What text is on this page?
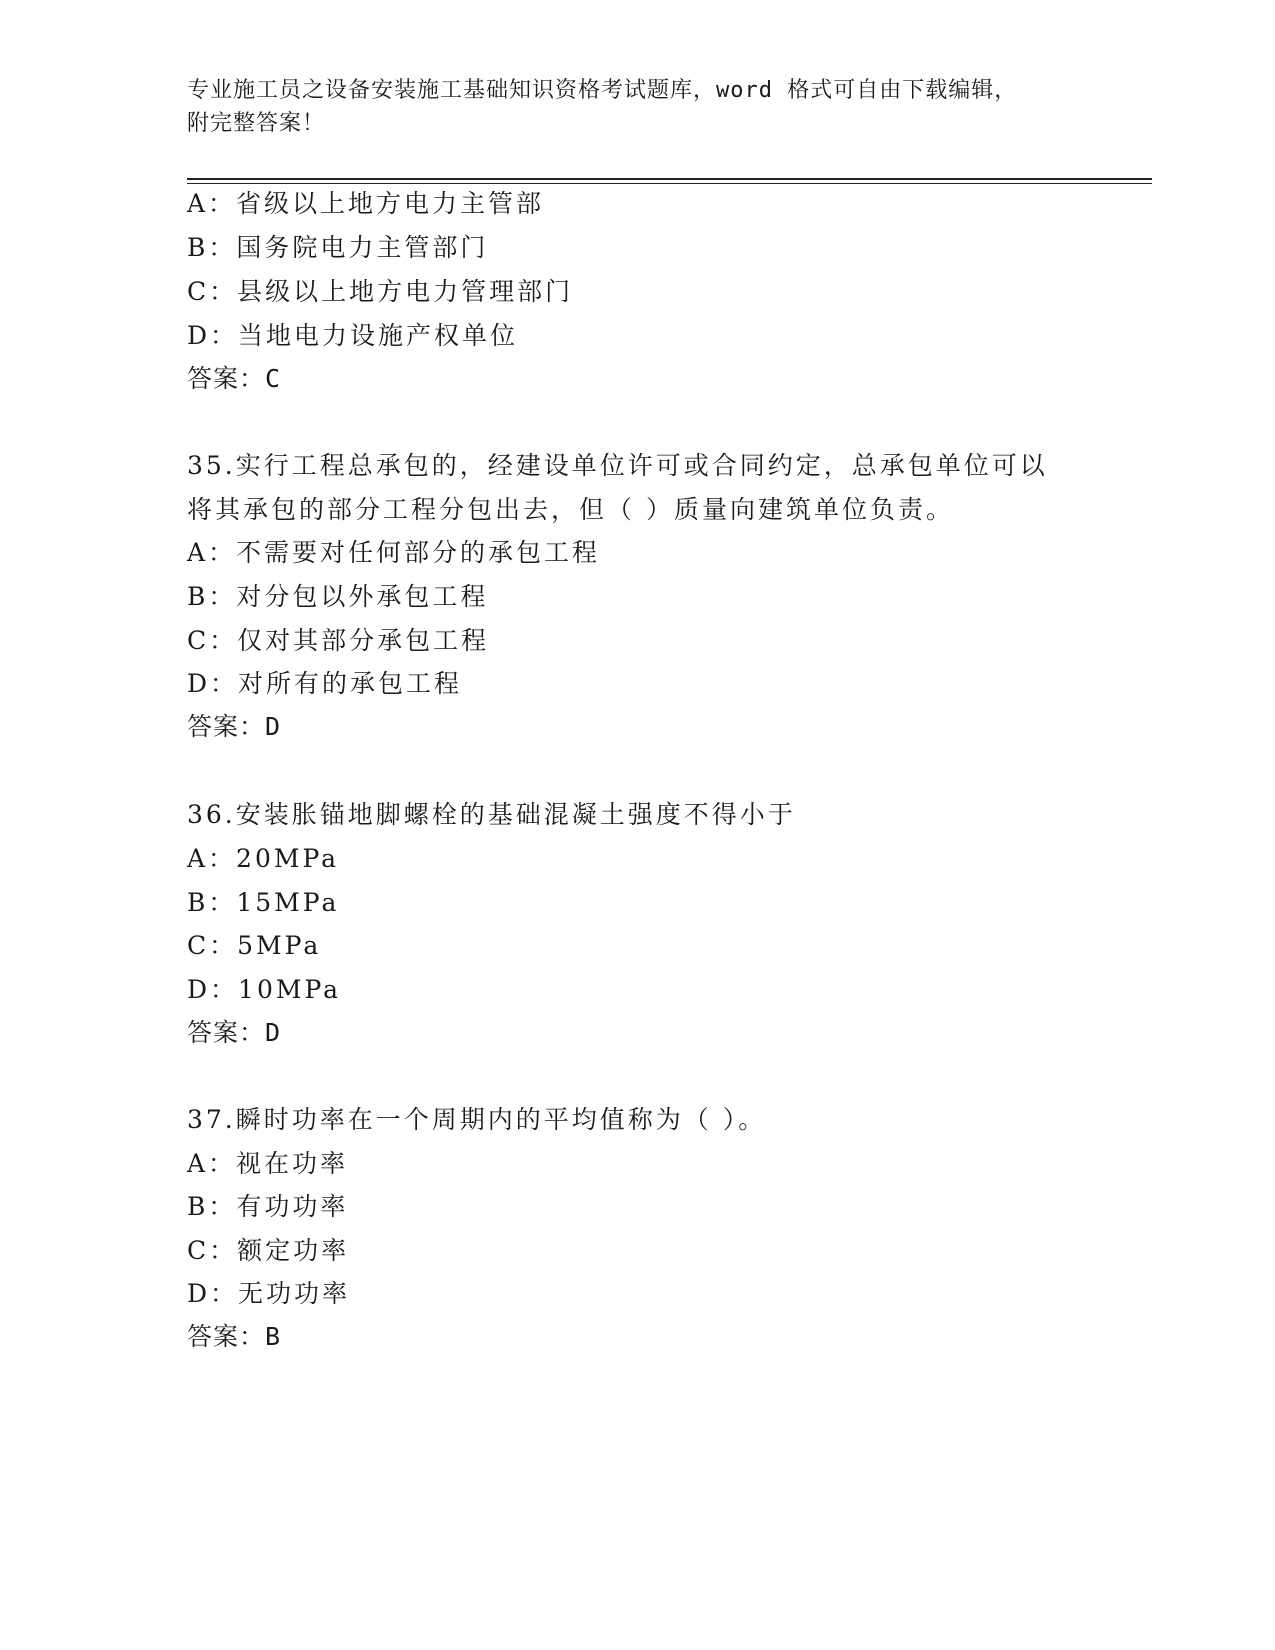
专业施工员之设备安装施工基础知识资格考试题库，word 格式可自由下载编辑，
附完整答案！
A：省级以上地方电力主管部
B：国务院电力主管部门
C：县级以上地方电力管理部门
D：当地电力设施产权单位
答案：C
35.实行工程总承包的，经建设单位许可或合同约定，总承包单位可以
将其承包的部分工程分包出去，但（ ）质量向建筑单位负责。
A：不需要对任何部分的承包工程
B：对分包以外承包工程
C：仅对其部分承包工程
D：对所有的承包工程
答案：D
36.安装胀锚地脚螺栓的基础混凝土强度不得小于
A：20MPa
B：15MPa
C：5MPa
D：10MPa
答案：D
37.瞬时功率在一个周期内的平均值称为（ ）。
A：视在功率
B：有功功率
C：额定功率
D：无功功率
答案：B
